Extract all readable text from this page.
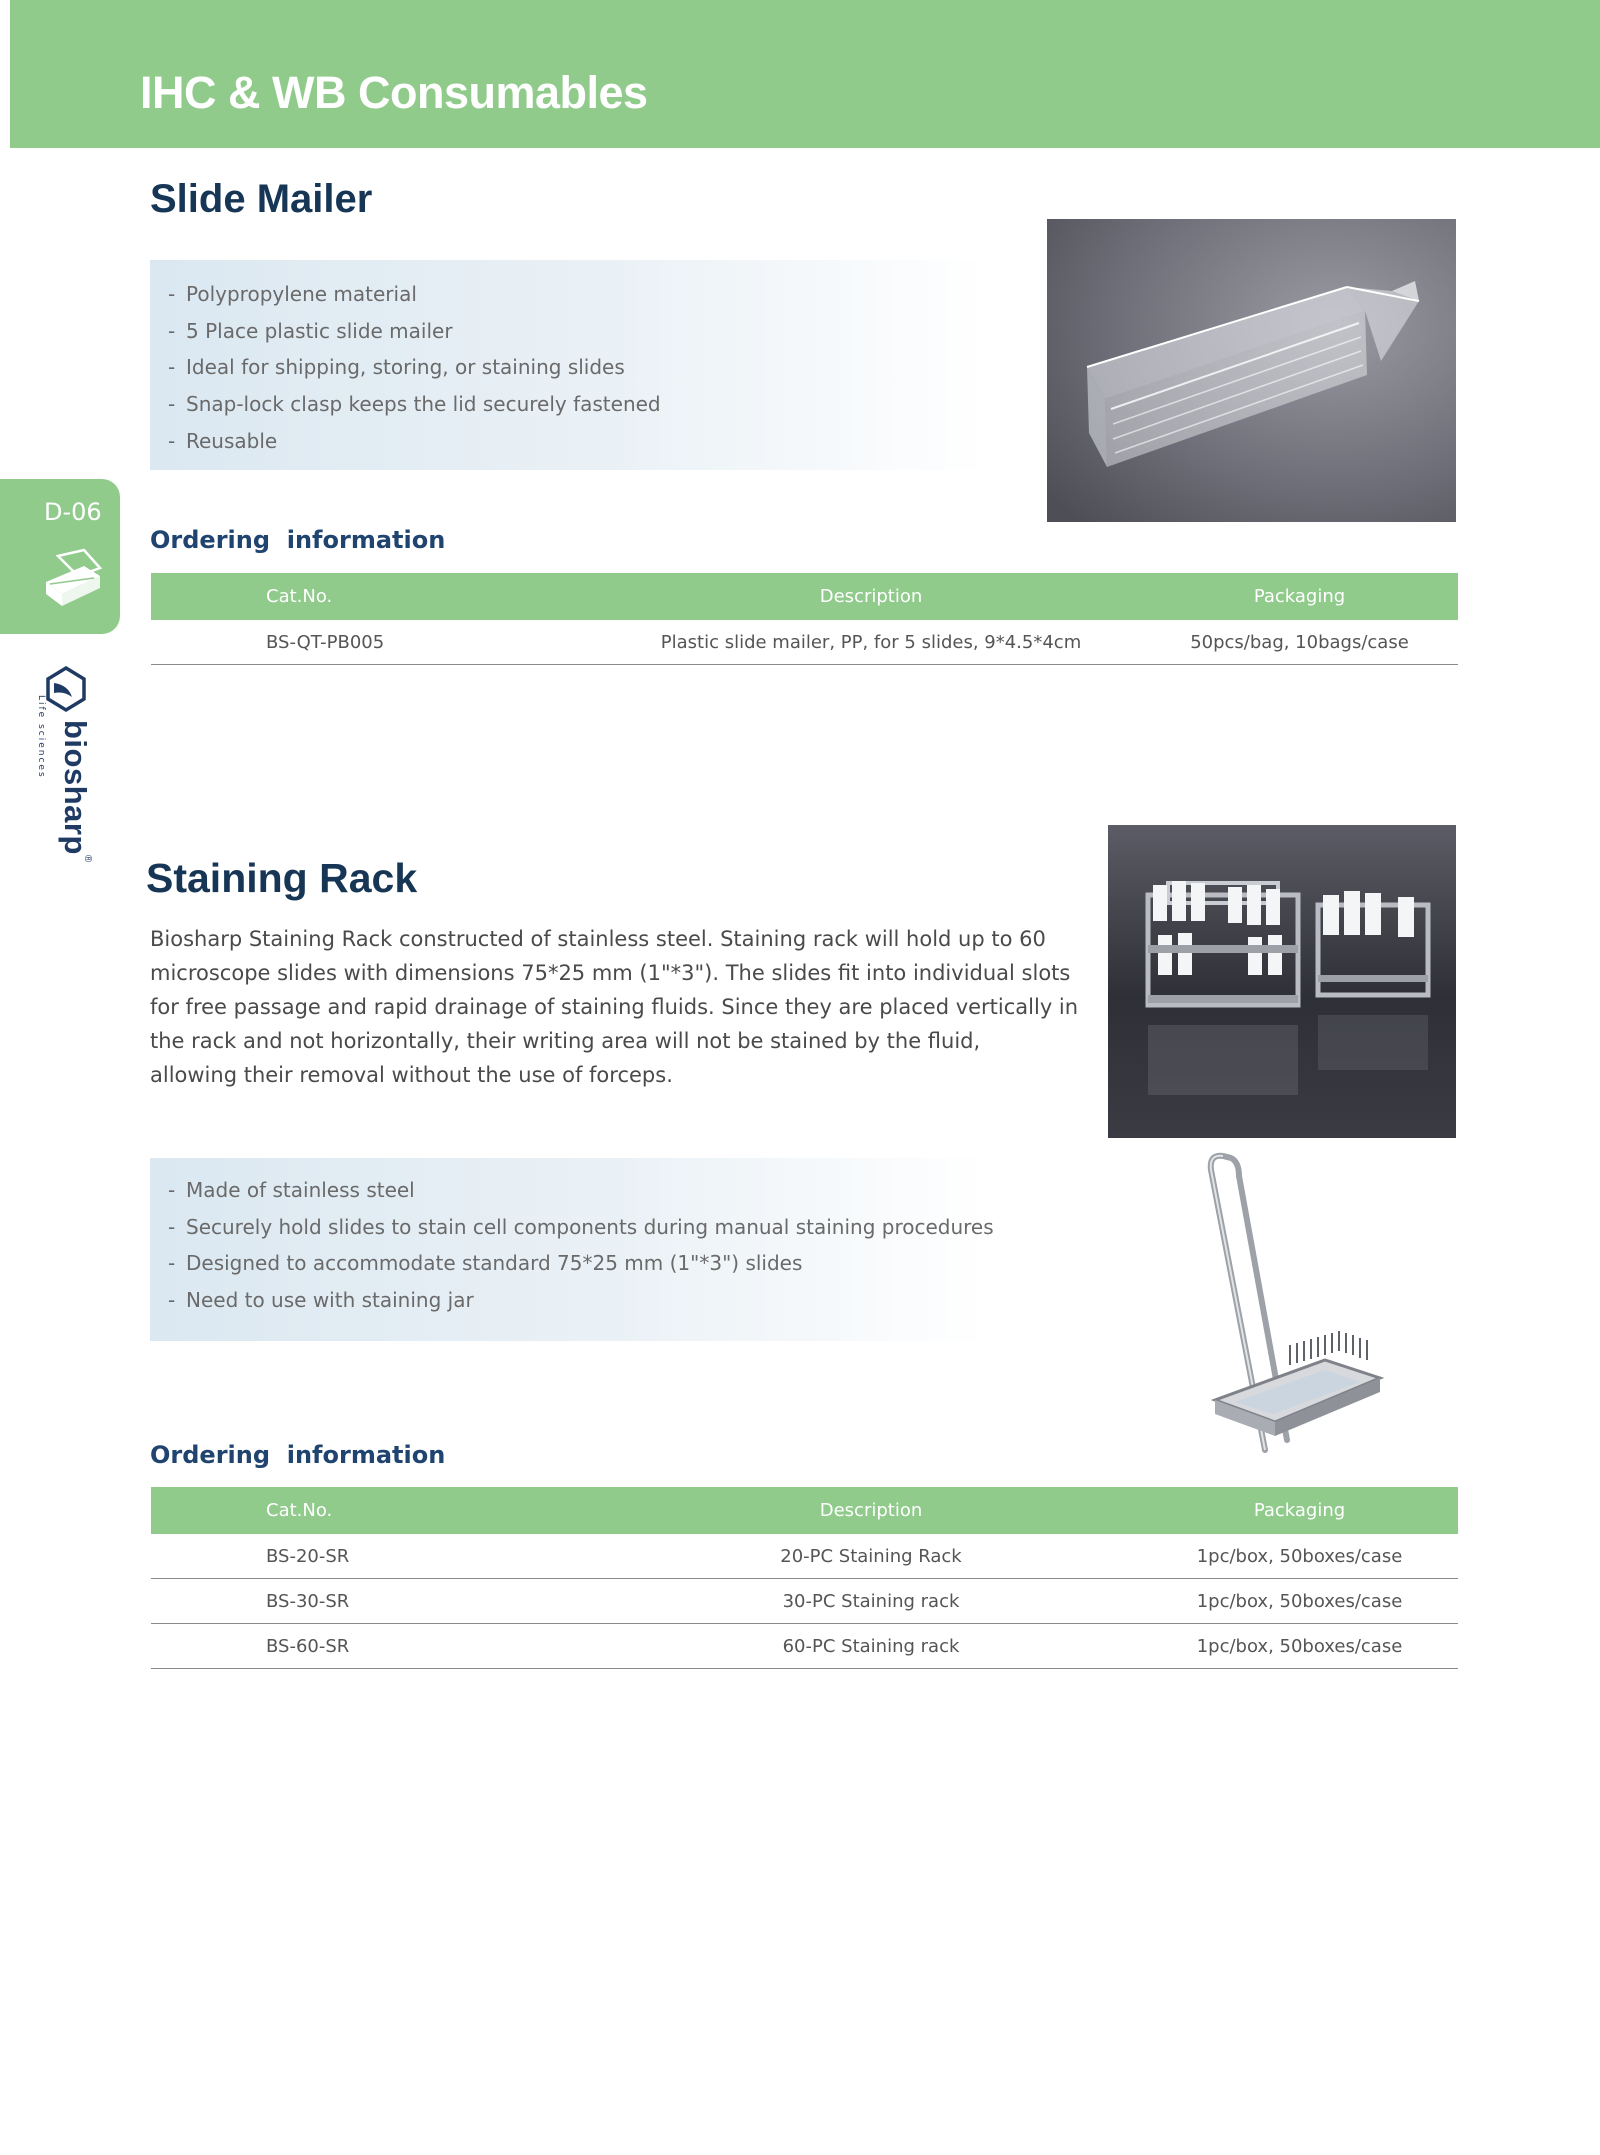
IHC & WB Consumables
D-06
biosharp®
Life sciences
Slide Mailer
- Polypropylene material
- 5 Place plastic slide mailer
- Ideal for shipping, storing, or staining slides
- Snap-lock clasp keeps the lid securely fastened
- Reusable
Ordering  information
Cat.No.	Description	Packaging
BS-QT-PB005	Plastic slide mailer, PP, for 5 slides, 9*4.5*4cm	50pcs/bag, 10bags/case
Staining Rack
Biosharp Staining Rack constructed of stainless steel. Staining rack will hold up to 60
microscope slides with dimensions 75*25 mm (1"*3"). The slides fit into individual slots
for free passage and rapid drainage of staining fluids. Since they are placed vertically in
the rack and not horizontally, their writing area will not be stained by the fluid,
allowing their removal without the use of forceps.
- Made of stainless steel
- Securely hold slides to stain cell components during manual staining procedures
- Designed to accommodate standard 75*25 mm (1"*3") slides
- Need to use with staining jar
Ordering  information
Cat.No.	Description	Packaging
BS-20-SR	20-PC Staining Rack	1pc/box, 50boxes/case
BS-30-SR	30-PC Staining rack	1pc/box, 50boxes/case
BS-60-SR	60-PC Staining rack	1pc/box, 50boxes/case
